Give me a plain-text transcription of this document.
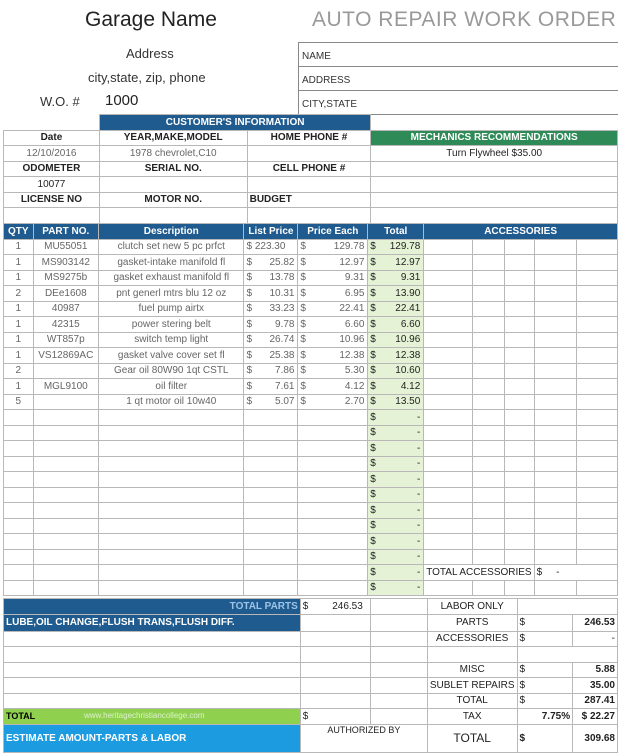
Garage Name	AUTO REPAIR WORK ORDER
Address
city,state, zip, phone
W.O. # 1000
NAME
ADDRESS
CITY,STATE
	CUSTOMER'S INFORMATION		
Date	YEAR,MAKE,MODEL	HOME PHONE #	MECHANICS RECOMMENDATIONS
12/10/2016	1978 chevrolet,C10		Turn Flywheel $35.00
ODOMETER	SERIAL NO.	CELL PHONE #	
10077			
LICENSE NO	MOTOR NO.	BUDGET	

QTY	PART NO.	Description	List Price	Price Each	Total	ACCESSORIES				
1	MU55051	clutch set new 5 pc prfct	$ 223.30	$ 129.78	$ 129.78					
1	MS903142	gasket-intake manifold fl	$ 25.82	$ 12.97	$ 12.97					
1	MS9275b	gasket exhaust manifold fl	$ 13.78	$ 9.31	$ 9.31					
2	DEe1608	pnt generl mtrs blu 12 oz	$ 10.31	$ 6.95	$ 13.90					
1	40987	fuel pump airtx	$ 33.23	$ 22.41	$ 22.41					
1	42315	power stering belt	$ 9.78	$ 6.60	$ 6.60					
1	WT857p	switch temp light	$ 26.74	$ 10.96	$ 10.96					
1	VS12869AC	gasket valve cover set fl	$ 25.38	$ 12.38	$ 12.38					
2		Gear oil 80W90 1qt CSTL	$ 7.86	$ 5.30	$ 10.60					
1	MGL9100	oil filter	$ 7.61	$ 4.12	$ 4.12					
5		1 qt motor oil 10w40	$ 5.07	$ 2.70	$ 13.50					
					$ -					
					$ -					
					$ -					
					$ -					
					$ -					
					$ -					
					$ -					
					$ -					
					$ -					
					$ -					
					$ -	TOTAL ACCESSORIES			$ -	
					$ -					
TOTAL PARTS	$ 246.53		LABOR ONLY		
LUBE,OIL CHANGE,FLUSH TRANS,FLUSH DIFF.			PARTS	$	246.53
			ACCESSORIES	$	-

			MISC	$	5.88
			SUBLET REPAIRS	$	35.00
			TOTAL	$	287.41
TOTAL www.heritagechristiancollege.com	$		TAX	7.75%	$ 22.27
ESTIMATE AMOUNT-PARTS & LABOR	AUTHORIZED BY		TOTAL	$	309.68
